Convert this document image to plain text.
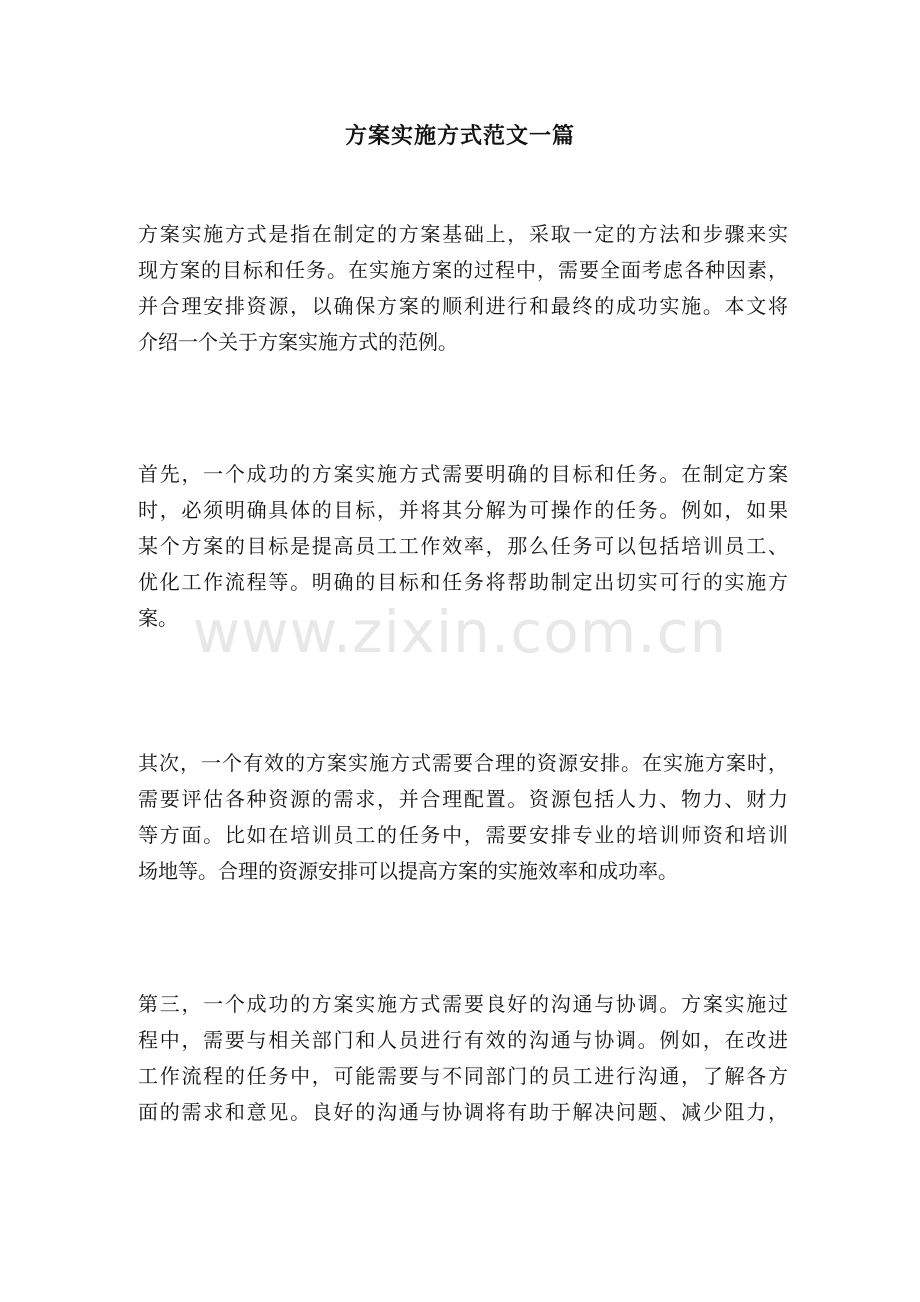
www.zixin.com.cn
方案实施方式范文一篇
方案实施方式是指在制定的方案基础上，采取一定的方法和步骤来实
现方案的目标和任务。在实施方案的过程中，需要全面考虑各种因素，
并合理安排资源，以确保方案的顺利进行和最终的成功实施。本文将
介绍一个关于方案实施方式的范例。
首先，一个成功的方案实施方式需要明确的目标和任务。在制定方案
时，必须明确具体的目标，并将其分解为可操作的任务。例如，如果
某个方案的目标是提高员工工作效率，那么任务可以包括培训员工、
优化工作流程等。明确的目标和任务将帮助制定出切实可行的实施方
案。
其次，一个有效的方案实施方式需要合理的资源安排。在实施方案时，
需要评估各种资源的需求，并合理配置。资源包括人力、物力、财力
等方面。比如在培训员工的任务中，需要安排专业的培训师资和培训
场地等。合理的资源安排可以提高方案的实施效率和成功率。
第三，一个成功的方案实施方式需要良好的沟通与协调。方案实施过
程中，需要与相关部门和人员进行有效的沟通与协调。例如，在改进
工作流程的任务中，可能需要与不同部门的员工进行沟通，了解各方
面的需求和意见。良好的沟通与协调将有助于解决问题、减少阻力，
